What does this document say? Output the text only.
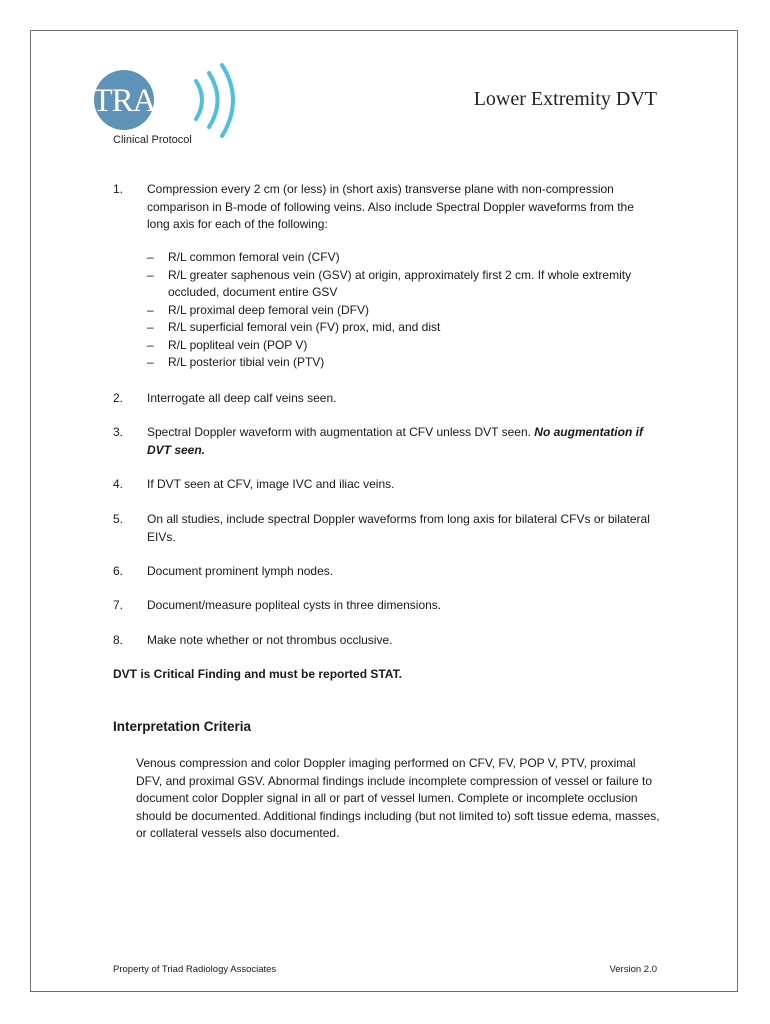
TRA
Clinical Protocol
Lower Extremity DVT
1. Compression every 2 cm (or less) in (short axis) transverse plane with non-compression comparison in B-mode of following veins. Also include Spectral Doppler waveforms from the long axis for each of the following:
– R/L common femoral vein (CFV)
– R/L greater saphenous vein (GSV) at origin, approximately first 2 cm. If whole extremity occluded, document entire GSV
– R/L proximal deep femoral vein (DFV)
– R/L superficial femoral vein (FV) prox, mid, and dist
– R/L popliteal vein (POP V)
– R/L posterior tibial vein (PTV)
2. Interrogate all deep calf veins seen.
3. Spectral Doppler waveform with augmentation at CFV unless DVT seen. No augmentation if DVT seen.
4. If DVT seen at CFV, image IVC and iliac veins.
5. On all studies, include spectral Doppler waveforms from long axis for bilateral CFVs or bilateral EIVs.
6. Document prominent lymph nodes.
7. Document/measure popliteal cysts in three dimensions.
8. Make note whether or not thrombus occlusive.
DVT is Critical Finding and must be reported STAT.
Interpretation Criteria
Venous compression and color Doppler imaging performed on CFV, FV, POP V, PTV, proximal DFV, and proximal GSV. Abnormal findings include incomplete compression of vessel or failure to document color Doppler signal in all or part of vessel lumen. Complete or incomplete occlusion should be documented. Additional findings including (but not limited to) soft tissue edema, masses, or collateral vessels also documented.
Property of Triad Radiology Associates	Version 2.0
